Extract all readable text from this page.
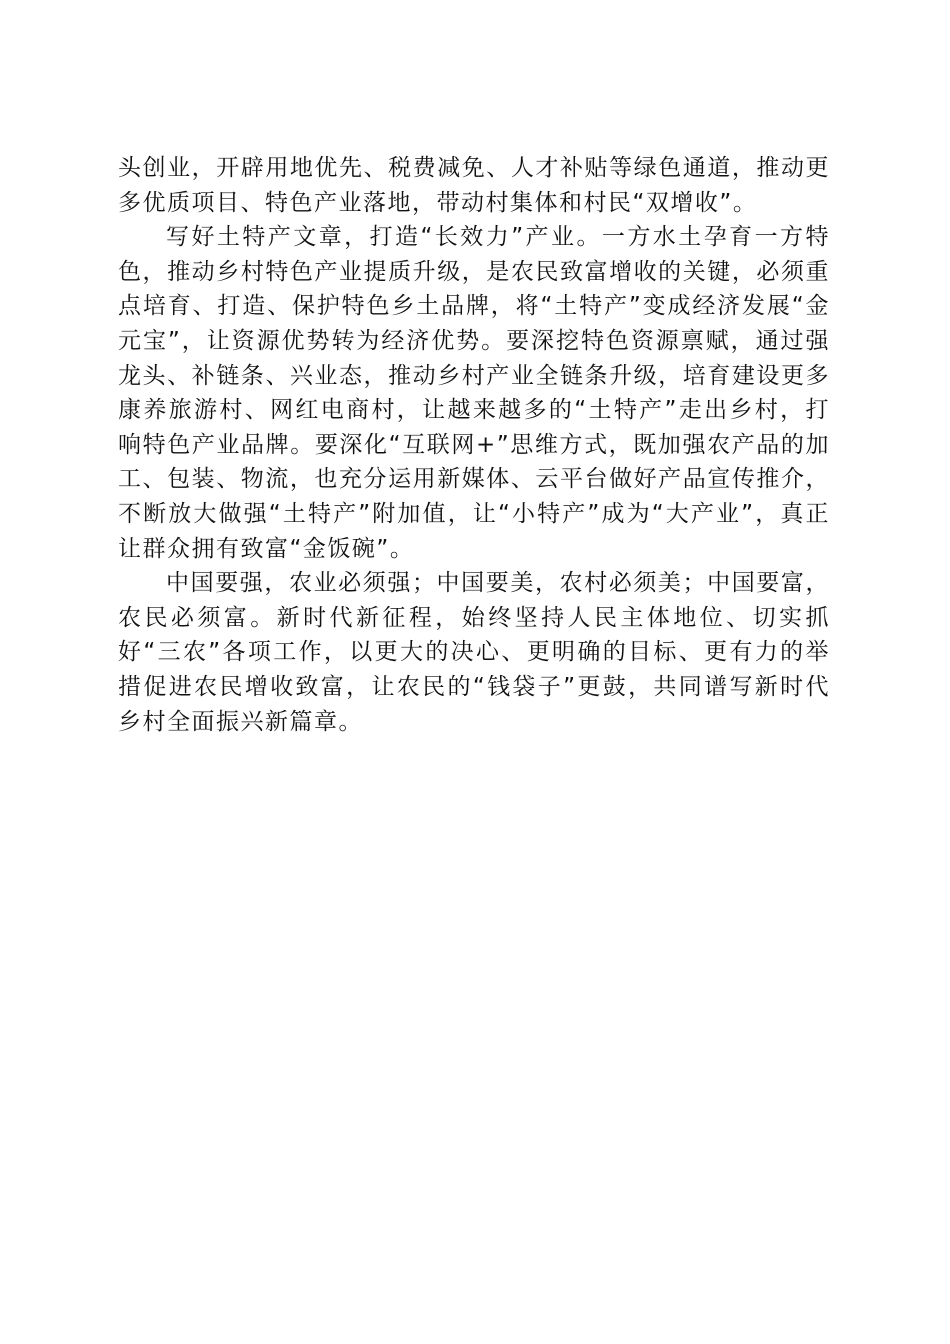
头创业，开辟用地优先、税费减免、人才补贴等绿色通道，推动更多优质项目、特色产业落地，带动村集体和村民“双增收”。

写好土特产文章，打造“长效力”产业。一方水土孕育一方特色，推动乡村特色产业提质升级，是农民致富增收的关键，必须重点培育、打造、保护特色乡土品牌，将“土特产”变成经济发展“金元宝”，让资源优势转为经济优势。要深挖特色资源禀赋，通过强龙头、补链条、兴业态，推动乡村产业全链条升级，培育建设更多康养旅游村、网红电商村，让越来越多的“土特产”走出乡村，打响特色产业品牌。要深化“互联网+”思维方式，既加强农产品的加工、包装、物流，也充分运用新媒体、云平台做好产品宣传推介，不断放大做强“土特产”附加值，让“小特产”成为“大产业”，真正让群众拥有致富“金饭碗”。

中国要强，农业必须强；中国要美，农村必须美；中国要富，农民必须富。新时代新征程，始终坚持人民主体地位、切实抓好“三农”各项工作，以更大的决心、更明确的目标、更有力的举措促进农民增收致富，让农民的“钱袋子”更鼓，共同谱写新时代乡村全面振兴新篇章。
